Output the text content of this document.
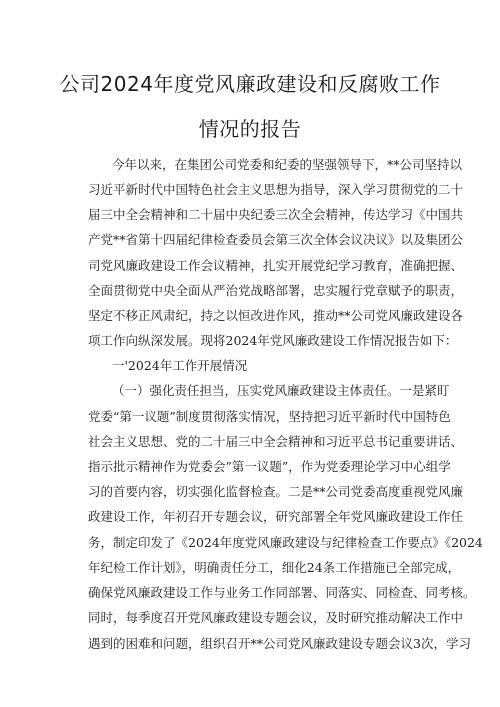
公司2024年度党风廉政建设和反腐败工作
情况的报告
今年以来，在集团公司党委和纪委的坚强领导下，**公司坚持以
习近平新时代中国特色社会主义思想为指导，深入学习贯彻党的二十
届三中全会精神和二十届中央纪委三次全会精神，传达学习《中国共
产党**省第十四届纪律检查委员会第三次全体会议决议》以及集团公
司党风廉政建设工作会议精神，扎实开展党纪学习教育，准确把握、
全面贯彻党中央全面从严治党战略部署，忠实履行党章赋予的职责，
坚定不移正风肃纪，持之以恒改进作风，推动**公司党风廉政建设各
项工作向纵深发展。现将2024年党风廉政建设工作情况报告如下：
一'2024年工作开展情况
（一）强化责任担当，压实党风廉政建设主体责任。一是紧盯
党委“第一议题”制度贯彻落实情况，坚持把习近平新时代中国特色
社会主义思想、党的二十届三中全会精神和习近平总书记重要讲话、
指示批示精神作为党委会”第一议题”，作为党委理论学习中心组学
习的首要内容，切实强化监督检查。二是**公司党委高度重视党风廉
政建设工作，年初召开专题会议，研究部署全年党风廉政建设工作任
务，制定印发了《2024年度党风廉政建设与纪律检查工作要点》《2024
年纪检工作计划》，明确责任分工，细化24条工作措施已全部完成，
确保党风廉政建设工作与业务工作同部署、同落实、同检查、同考核。
同时，每季度召开党风廉政建设专题会议，及时研究推动解决工作中
遇到的困难和问题，组织召开**公司党风廉政建设专题会议3次，学习
